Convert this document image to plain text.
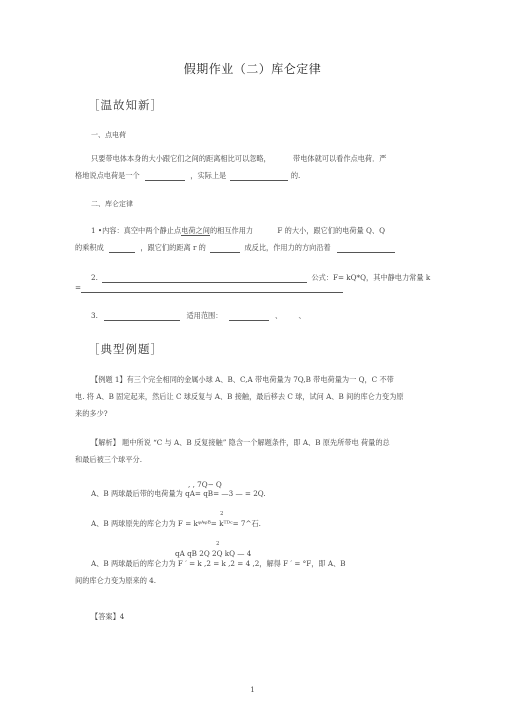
假期作业（二）库仑定律
［温故知新］
一、点电荷
只要带电体本身的大小跟它们之间的距离相比可以忽略，	带电体就可以看作点电荷．严
格地说点电荷是一个	，实际上是	的.
二、库仑定律
1 •内容：真空中两个静止点电荷之间的相互作用力	F 的大小，跟它们的电荷量 Q、Q
的乘积成	，跟它们的距离 r 的	成反比，作用力的方向沿着
2.	公式：F= kQ*Q，其中静电力常量 k
=
3.	适用范围：	、 、
［典型例题］
【例题 1】有三个完全相同的金属小球 A、B、C,A 带电荷量为 7Q,B 带电荷量为一 Q，C 不带
电. 将 A、B 固定起来，然后让 C 球反复与 A、B 接触，最后移去 C 球，试问 A、B 间的库仑力变为原
来的多少?
【解析】 题中所说 “C 与 A、B 反复接触” 隐含一个解题条件，即 A、B 原先所带电 荷量的总
和最后被三个球平分.
, , 7Q− Q
A、B 两球最后带的电荷量为 qA= qB= —3 — = 2Q.
2
A、B 两球原先的库仑力为 F = kᵠᴬᵠᴮ= kᵀᴰᶜ= 7^石.
2
qA qB 2Q 2Q kQ — 4
A、B 两球最后的库仑力为 F ′ = k ,2 = k ,2 = 4 ,2，解得 F ′ = °F，即 A、B
间的库仑力变为原来的 4.
【答案】4
1
